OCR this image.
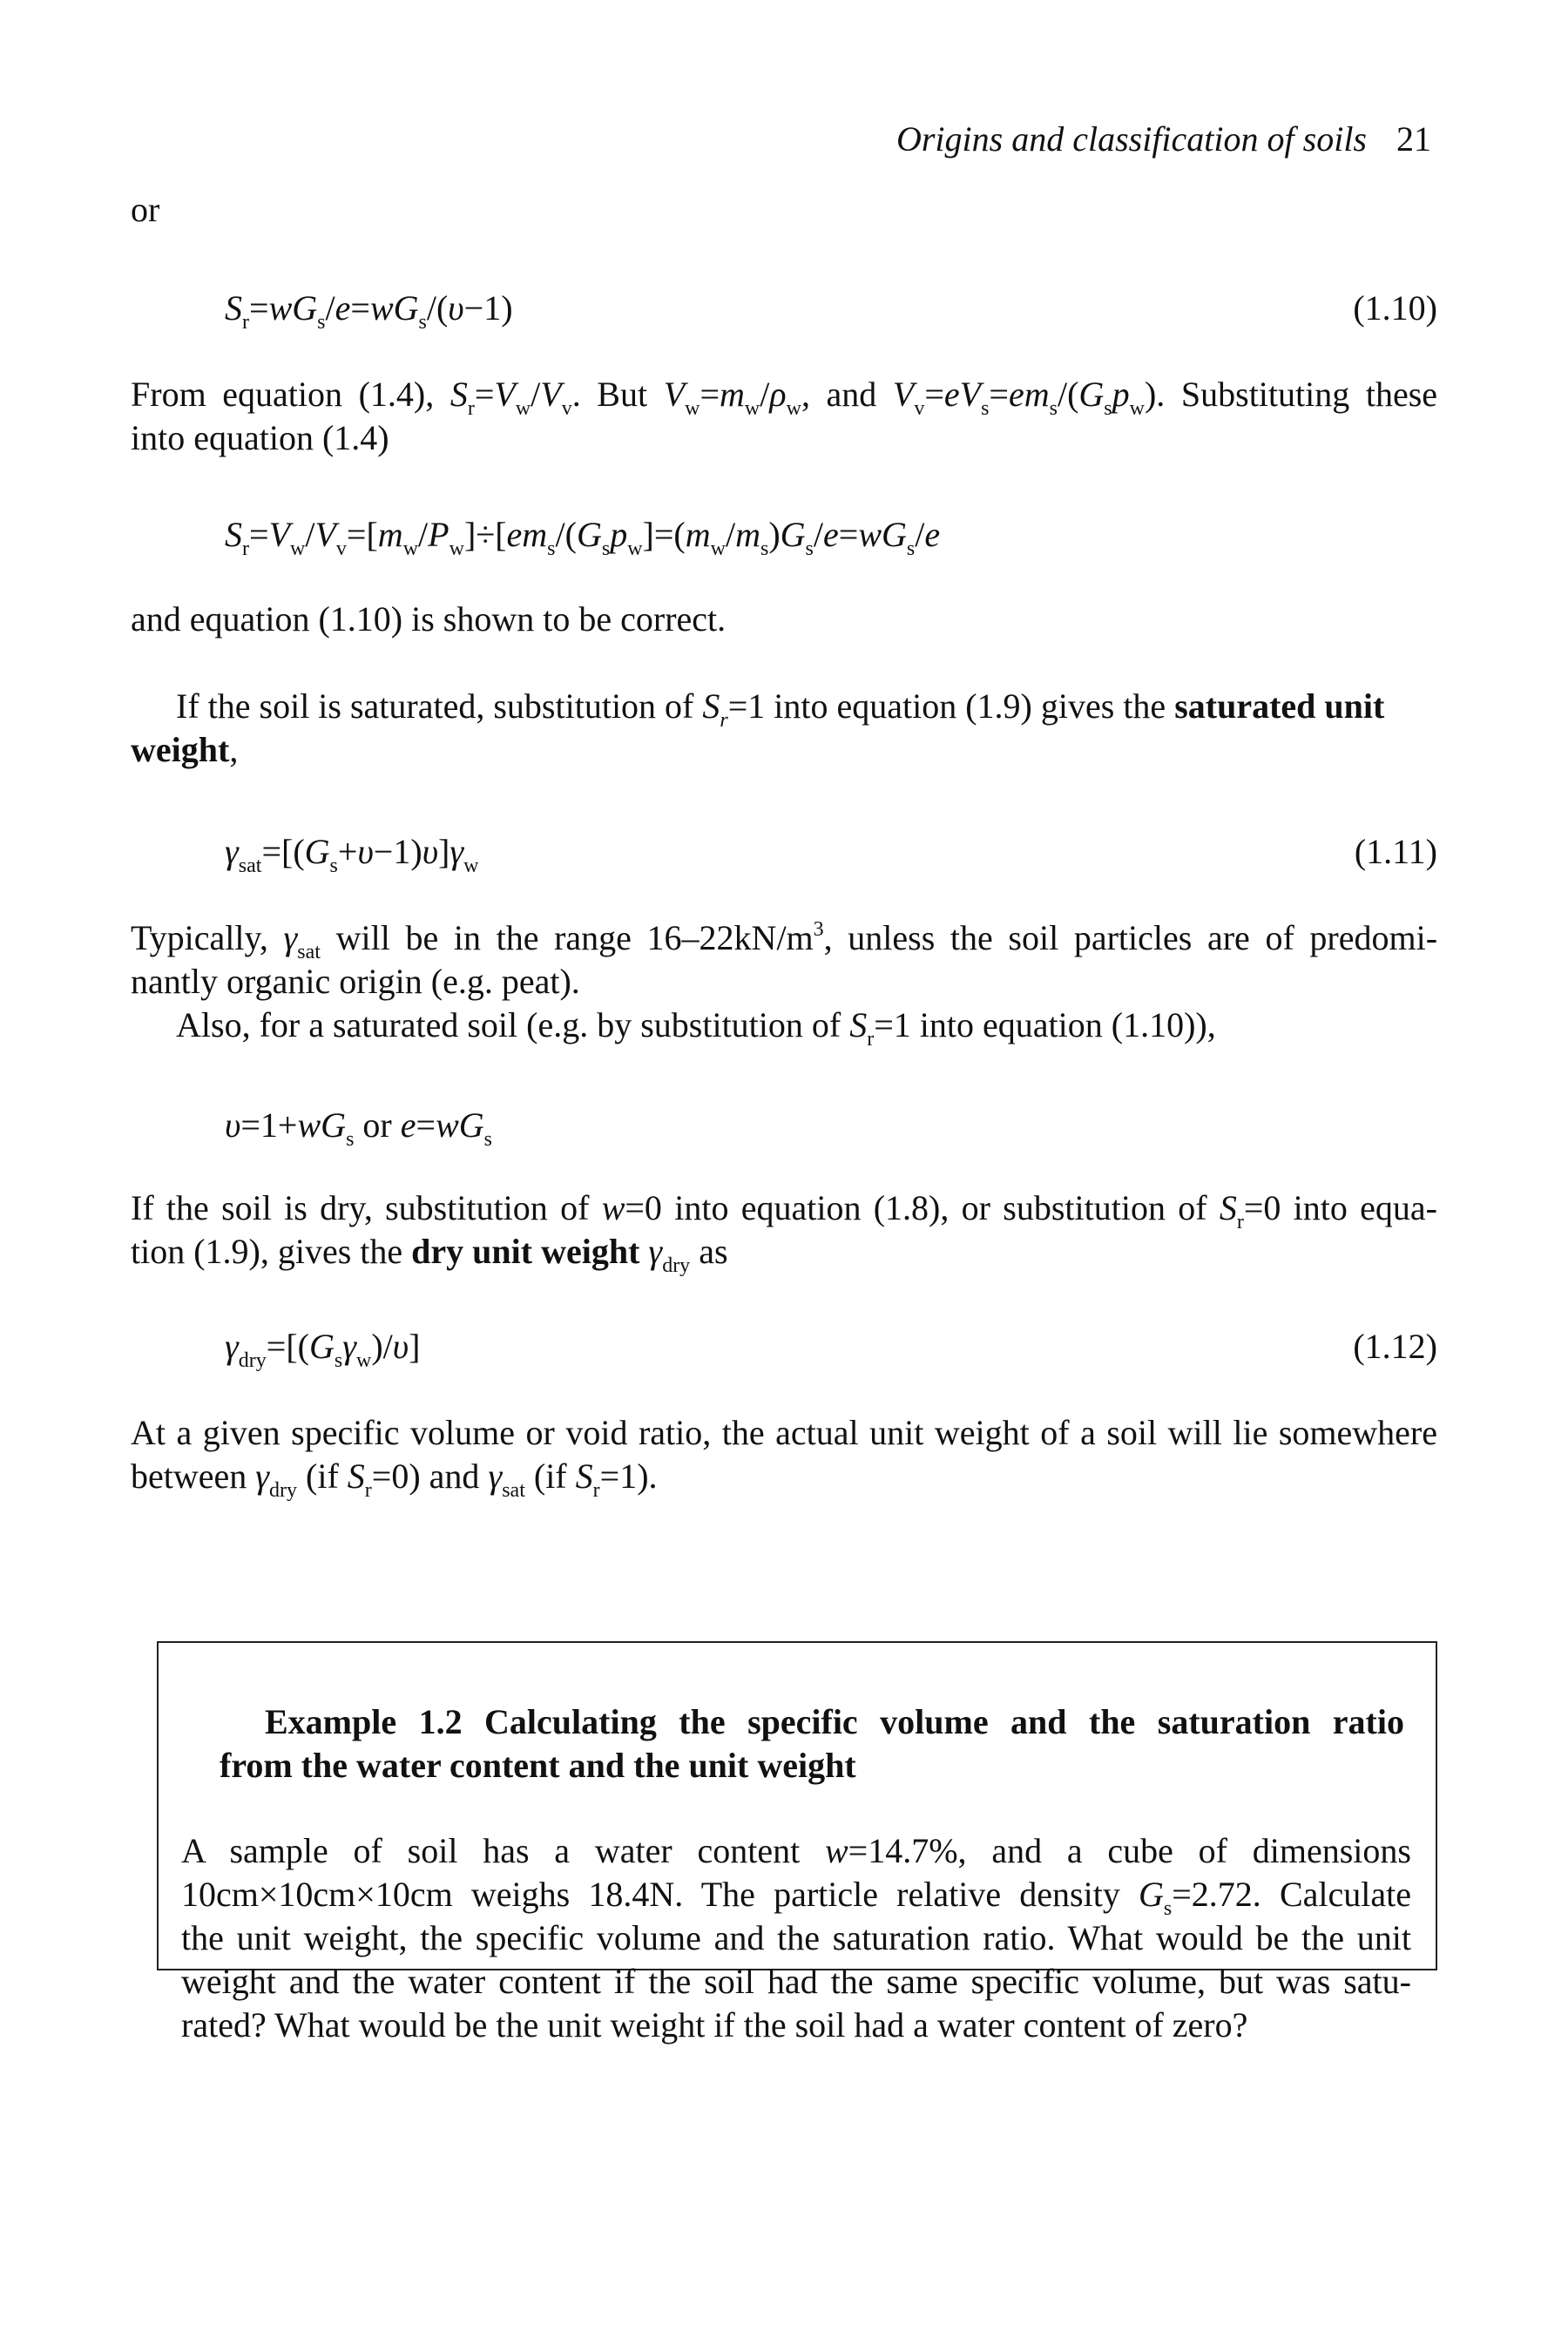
Origins and classification of soils 21
or
$S_r=wG_s/e=wG_s/(\upsilon-1)$	(1.10)
From equation (1.4), $S_r=V_w/V_v$. But $V_w=m_w/\rho_w$, and $V_v=eV_s=em_s/(G_sp_w)$. Substituting these
into equation (1.4)
$S_r=V_w/V_v=[m_w/P_w]\div[em_s/(G_sp_w]=(m_w/m_s)G_s/e=wG_s/e$
and equation (1.10) is shown to be correct.
If the soil is saturated, substitution of $S_r=1$ into equation (1.9) gives the saturated unit
weight,
$\gamma_{sat}=[(G_s+\upsilon-1)\upsilon]\gamma_w$	(1.11)
Typically, $\gamma_{sat}$ will be in the range $16-22kN/m^3$, unless the soil particles are of predomi-
nantly organic origin (e.g. peat).
Also, for a saturated soil (e.g. by substitution of $S_r=1$ into equation (1.10)),
$\upsilon=1+wG_s$ or $e=wG_s$
If the soil is dry, substitution of w=0 into equation (1.8), or substitution of $S_r=0$ into equa-
tion (1.9), gives the dry unit weight $\gamma_{dry}$ as
$\gamma_{dry}=[(G_s\gamma_w)/\upsilon]$	(1.12)
At a given specific volume or void ratio, the actual unit weight of a soil will lie somewhere
between $\gamma_{dry}$ (if $S_r=0$) and $\gamma_{sat}$ (if $S_r=1$).
Example 1.2 Calculating the specific volume and the saturation ratio
from the water content and the unit weight
A sample of soil has a water content w=14.7%, and a cube of dimensions
10cm×10cm×10cm weighs 18.4N. The particle relative density $G_s=2.72$. Calculate
the unit weight, the specific volume and the saturation ratio. What would be the unit
weight and the water content if the soil had the same specific volume, but was satu-
rated? What would be the unit weight if the soil had a water content of zero?
